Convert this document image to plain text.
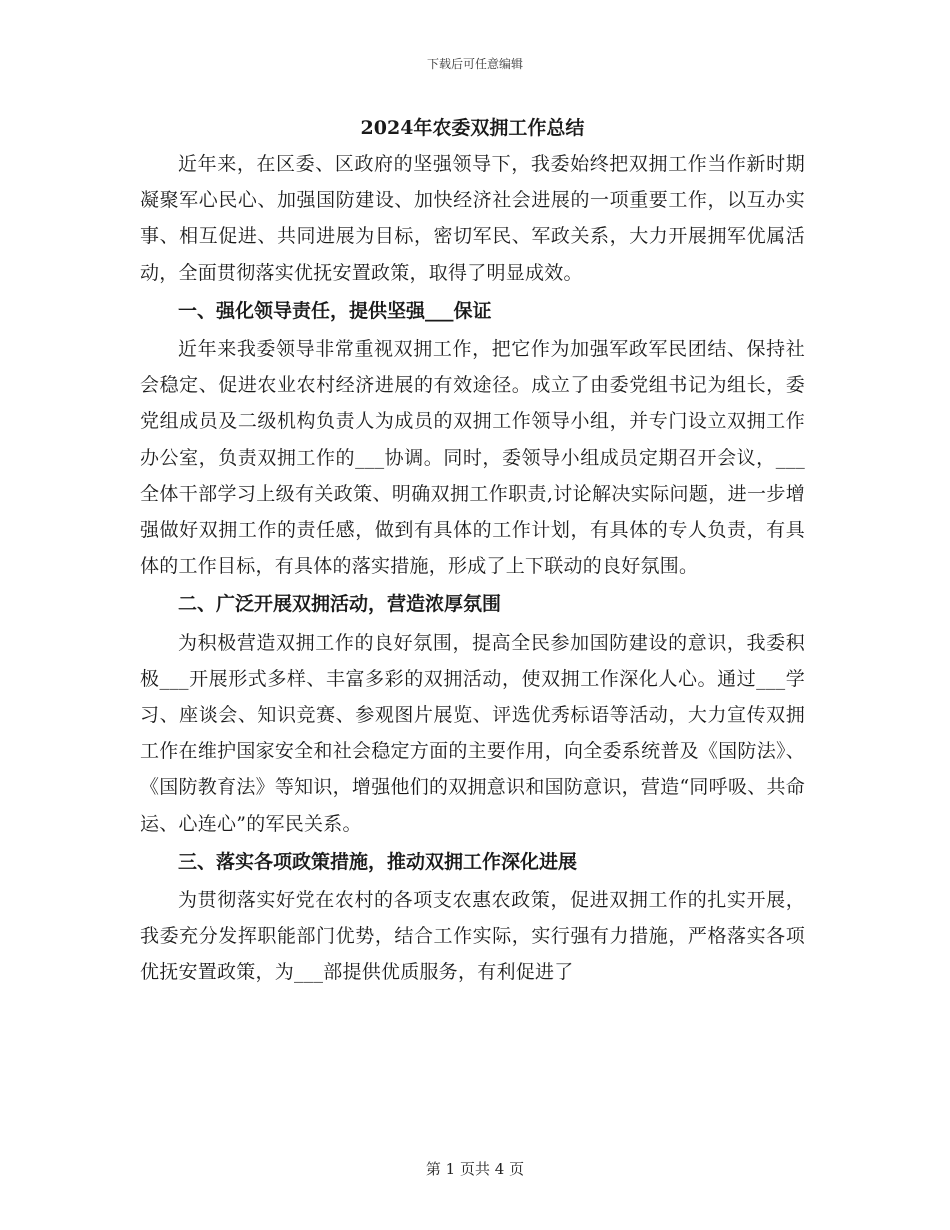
下载后可任意编辑

2024年农委双拥工作总结

近年来，在区委、区政府的坚强领导下，我委始终把双拥工作当作新时期凝聚军心民心、加强国防建设、加快经济社会进展的一项重要工作，以互办实事、相互促进、共同进展为目标，密切军民、军政关系，大力开展拥军优属活动，全面贯彻落实优抚安置政策，取得了明显成效。

一、强化领导责任，提供坚强___保证

近年来我委领导非常重视双拥工作，把它作为加强军政军民团结、保持社会稳定、促进农业农村经济进展的有效途径。成立了由委党组书记为组长，委党组成员及二级机构负责人为成员的双拥工作领导小组，并专门设立双拥工作办公室，负责双拥工作的___协调。同时，委领导小组成员定期召开会议，___全体干部学习上级有关政策、明确双拥工作职责,讨论解决实际问题，进一步增强做好双拥工作的责任感，做到有具体的工作计划，有具体的专人负责，有具体的工作目标，有具体的落实措施，形成了上下联动的良好氛围。

二、广泛开展双拥活动，营造浓厚氛围

为积极营造双拥工作的良好氛围，提高全民参加国防建设的意识，我委积极___开展形式多样、丰富多彩的双拥活动，使双拥工作深化人心。通过___学习、座谈会、知识竞赛、参观图片展览、评选优秀标语等活动，大力宣传双拥工作在维护国家安全和社会稳定方面的主要作用，向全委系统普及《国防法》、《国防教育法》等知识，增强他们的双拥意识和国防意识，营造“同呼吸、共命运、心连心”的军民关系。

三、落实各项政策措施，推动双拥工作深化进展

为贯彻落实好党在农村的各项支农惠农政策，促进双拥工作的扎实开展，我委充分发挥职能部门优势，结合工作实际，实行强有力措施，严格落实各项优抚安置政策，为___部提供优质服务，有利促进了

第 1 页共 4 页
